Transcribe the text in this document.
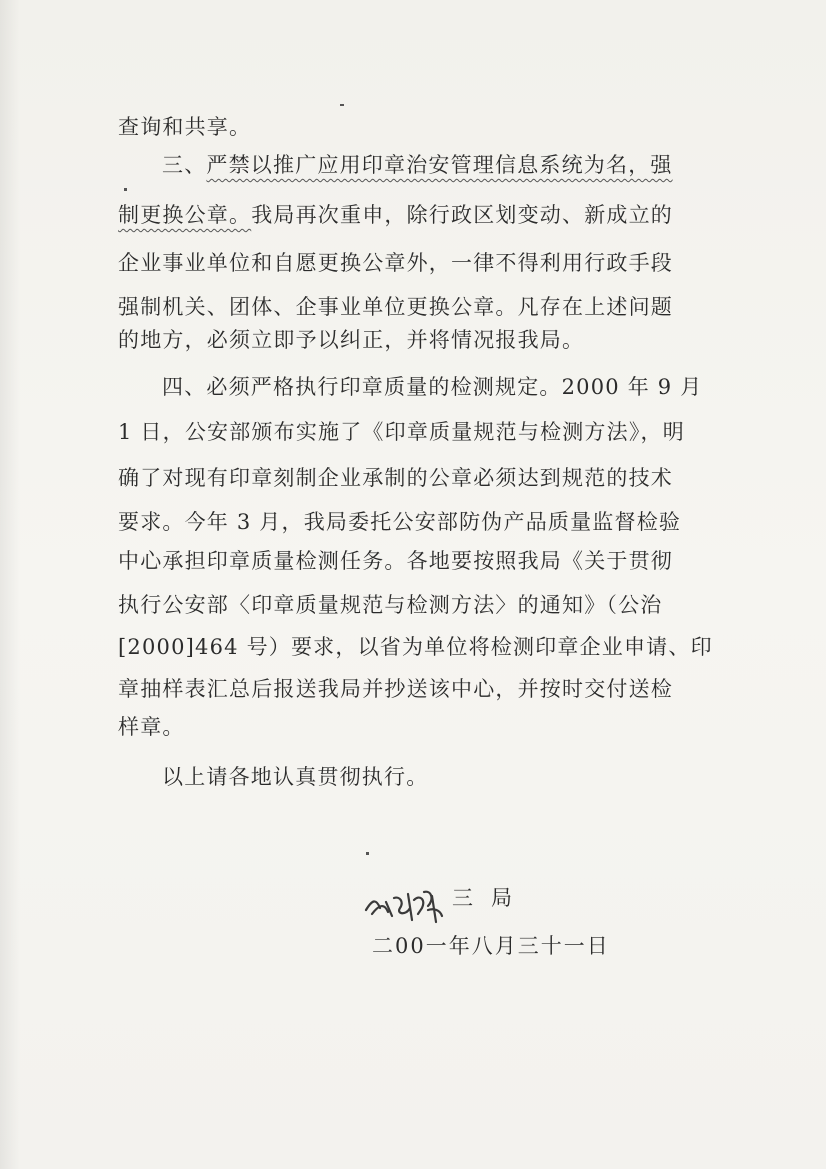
查询和共享。
三、严禁以推广应用印章治安管理信息系统为名，强
制更换公章。我局再次重申，除行政区划变动、新成立的
企业事业单位和自愿更换公章外，一律不得利用行政手段
强制机关、团体、企事业单位更换公章。凡存在上述问题
的地方，必须立即予以纠正，并将情况报我局。
四、必须严格执行印章质量的检测规定。2000 年 9 月
1 日，公安部颁布实施了《印章质量规范与检测方法》，明
确了对现有印章刻制企业承制的公章必须达到规范的技术
要求。今年 3 月，我局委托公安部防伪产品质量监督检验
中心承担印章质量检测任务。各地要按照我局《关于贯彻
执行公安部〈印章质量规范与检测方法〉的通知》（公治
[2000]464 号）要求，以省为单位将检测印章企业申请、印
章抽样表汇总后报送我局并抄送该中心，并按时交付送检
样章。
以上请各地认真贯彻执行。
三局
二00一年八月三十一日
